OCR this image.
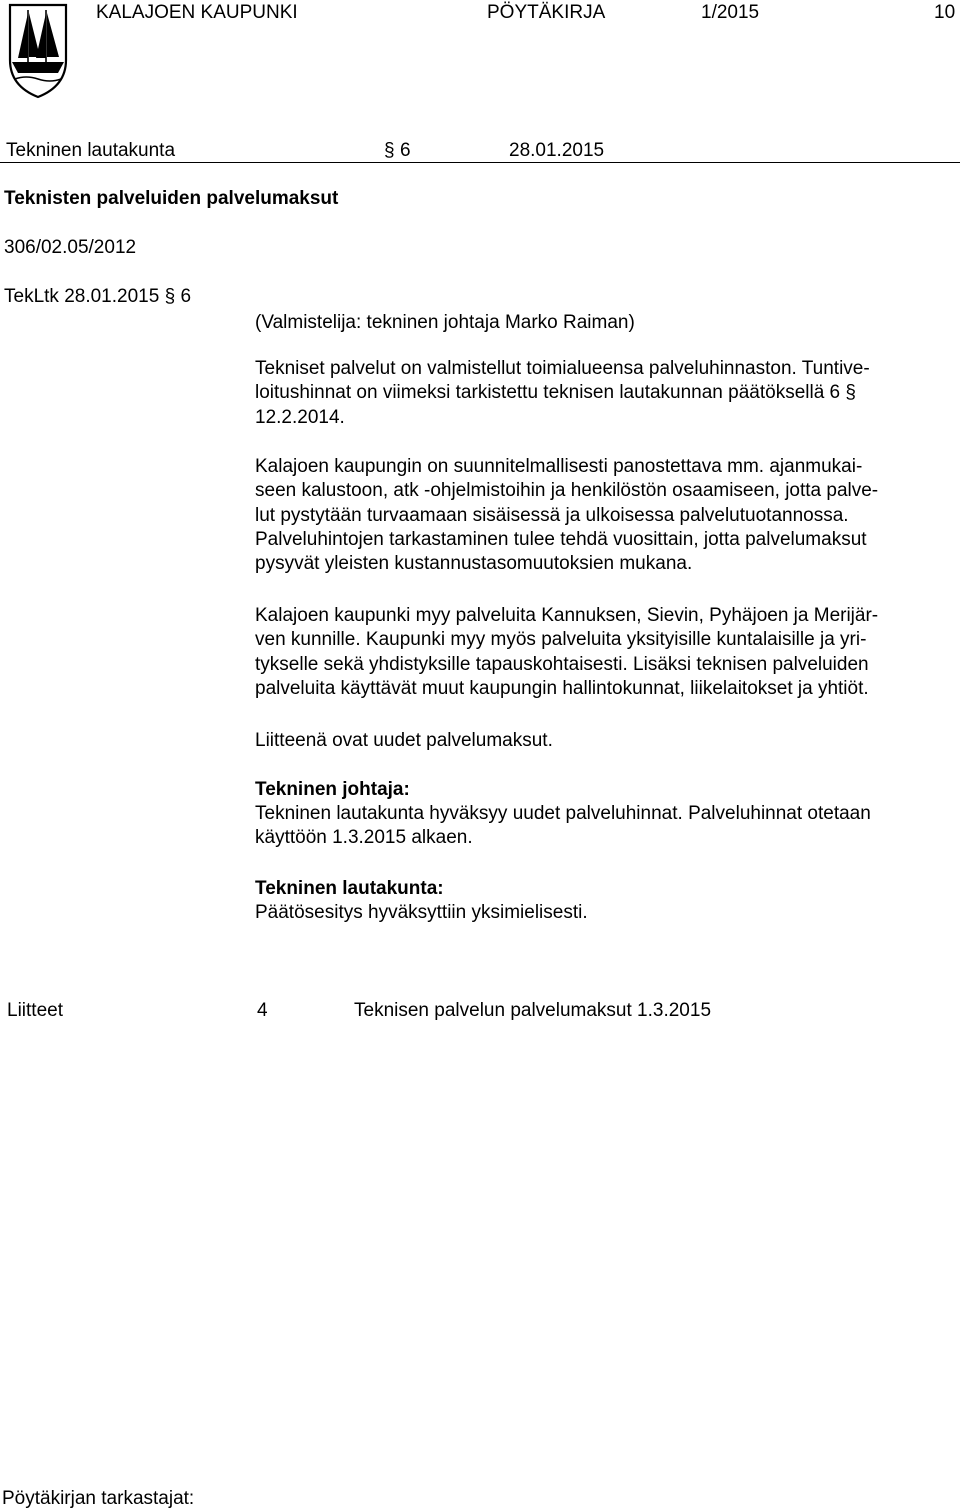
KALAJOEN KAUPUNKI	PÖYTÄKIRJA	1/2015	10
Tekninen lautakunta	§ 6	28.01.2015
Teknisten palveluiden palvelumaksut
306/02.05/2012
TekLtk 28.01.2015 § 6
(Valmistelija: tekninen johtaja Marko Raiman)
Tekniset palvelut on valmistellut toimialueensa palveluhinnaston. Tuntive-
loitushinnat on viimeksi tarkistettu teknisen lautakunnan päätöksellä 6 §
12.2.2014.
Kalajoen kaupungin on suunnitelmallisesti panostettava mm. ajanmukai-
seen kalustoon, atk -ohjelmistoihin ja henkilöstön osaamiseen, jotta palve-
lut pystytään turvaamaan sisäisessä ja ulkoisessa palvelutuotannossa.
Palveluhintojen tarkastaminen tulee tehdä vuosittain, jotta palvelumaksut
pysyvät yleisten kustannustasomuutoksien mukana.
Kalajoen kaupunki myy palveluita Kannuksen, Sievin, Pyhäjoen ja Merijär-
ven kunnille. Kaupunki myy myös palveluita yksityisille kuntalaisille ja yri-
tykselle sekä yhdistyksille tapauskohtaisesti. Lisäksi teknisen palveluiden
palveluita käyttävät muut kaupungin hallintokunnat, liikelaitokset ja yhtiöt.
Liitteenä ovat uudet palvelumaksut.
Tekninen johtaja:
Tekninen lautakunta hyväksyy uudet palveluhinnat. Palveluhinnat otetaan
käyttöön 1.3.2015 alkaen.
Tekninen lautakunta:
Päätösesitys hyväksyttiin yksimielisesti.
Liitteet	4	Teknisen palvelun palvelumaksut 1.3.2015
Pöytäkirjan tarkastajat:
